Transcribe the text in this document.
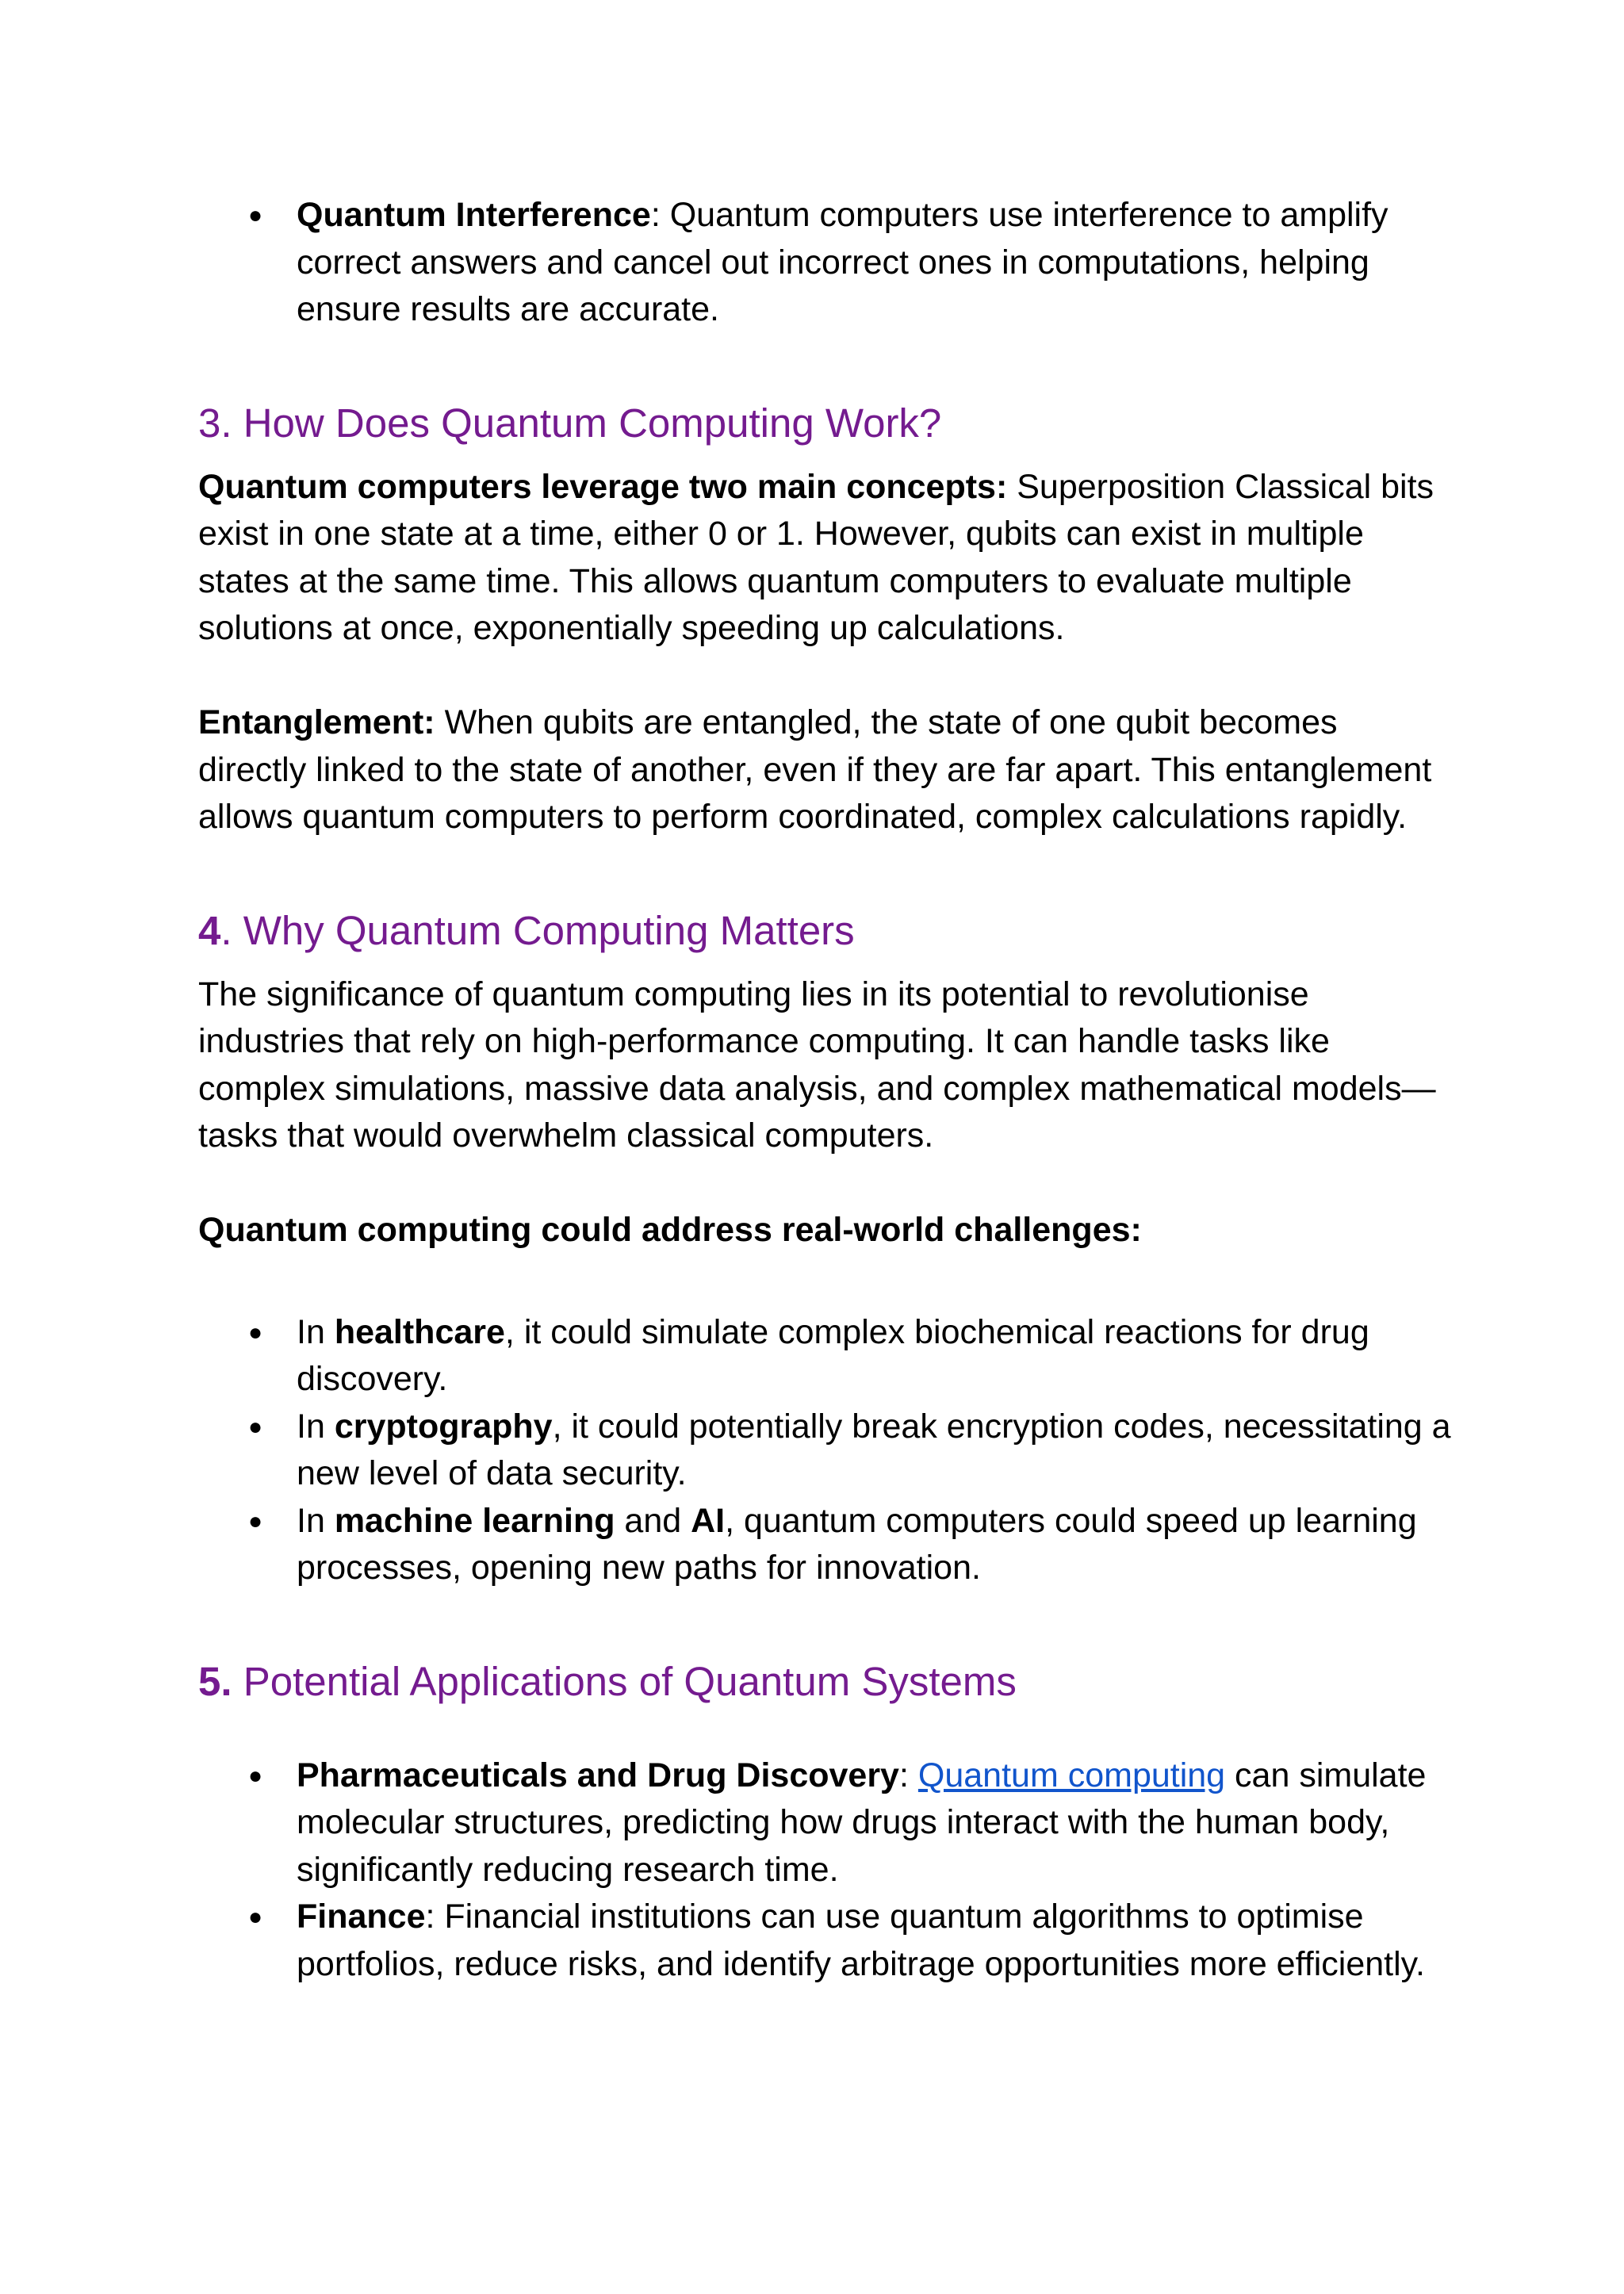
● Quantum Interference: Quantum computers use interference to amplify correct answers and cancel out incorrect ones in computations, helping ensure results are accurate.
3. How Does Quantum Computing Work?

Quantum computers leverage two main concepts: Superposition Classical bits exist in one state at a time, either 0 or 1. However, qubits can exist in multiple states at the same time. This allows quantum computers to evaluate multiple solutions at once, exponentially speeding up calculations.

Entanglement: When qubits are entangled, the state of one qubit becomes directly linked to the state of another, even if they are far apart. This entanglement allows quantum computers to perform coordinated, complex calculations rapidly.

4. Why Quantum Computing Matters

The significance of quantum computing lies in its potential to revolutionise industries that rely on high-performance computing. It can handle tasks like complex simulations, massive data analysis, and complex mathematical models—tasks that would overwhelm classical computers.

Quantum computing could address real-world challenges:

● In healthcare, it could simulate complex biochemical reactions for drug discovery.
● In cryptography, it could potentially break encryption codes, necessitating a new level of data security.
● In machine learning and AI, quantum computers could speed up learning processes, opening new paths for innovation.
5. Potential Applications of Quantum Systems
● Pharmaceuticals and Drug Discovery: Quantum computing can simulate molecular structures, predicting how drugs interact with the human body, significantly reducing research time.
● Finance: Financial institutions can use quantum algorithms to optimise portfolios, reduce risks, and identify arbitrage opportunities more efficiently.
